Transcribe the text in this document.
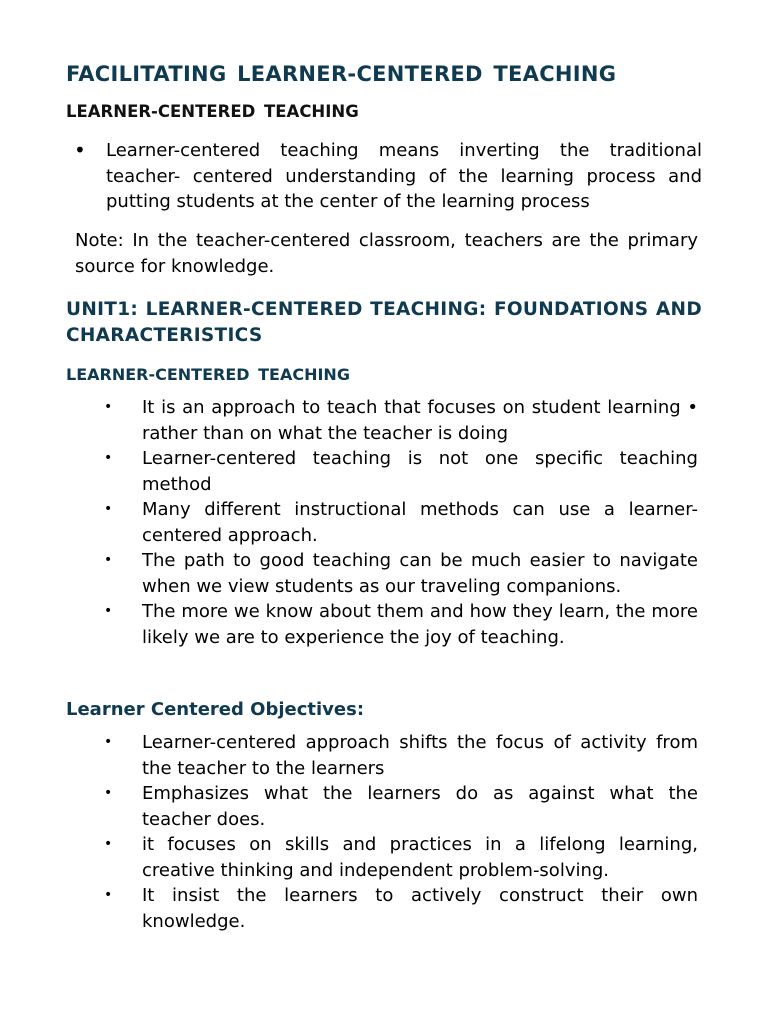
FACILITATING LEARNER-CENTERED TEACHING
LEARNER-CENTERED TEACHING
•	Learner-centered teaching means inverting the traditional teacher- centered understanding of the learning process and putting students at the center of the learning process
Note: In the teacher-centered classroom, teachers are the primary source for knowledge.
UNIT1: LEARNER-CENTERED TEACHING: FOUNDATIONS AND CHARACTERISTICS
LEARNER-CENTERED TEACHING
•	It is an approach to teach that focuses on student learning • rather than on what the teacher is doing
•	Learner-centered teaching is not one specific teaching method
•	Many different instructional methods can use a learner-centered approach.
•	The path to good teaching can be much easier to navigate when we view students as our traveling companions.
•	The more we know about them and how they learn, the more likely we are to experience the joy of teaching.
Learner Centered Objectives:
•	Learner-centered approach shifts the focus of activity from the teacher to the learners
•	Emphasizes what the learners do as against what the teacher does.
•	it focuses on skills and practices in a lifelong learning, creative thinking and independent problem-solving.
•	It insist the learners to actively construct their own knowledge.
